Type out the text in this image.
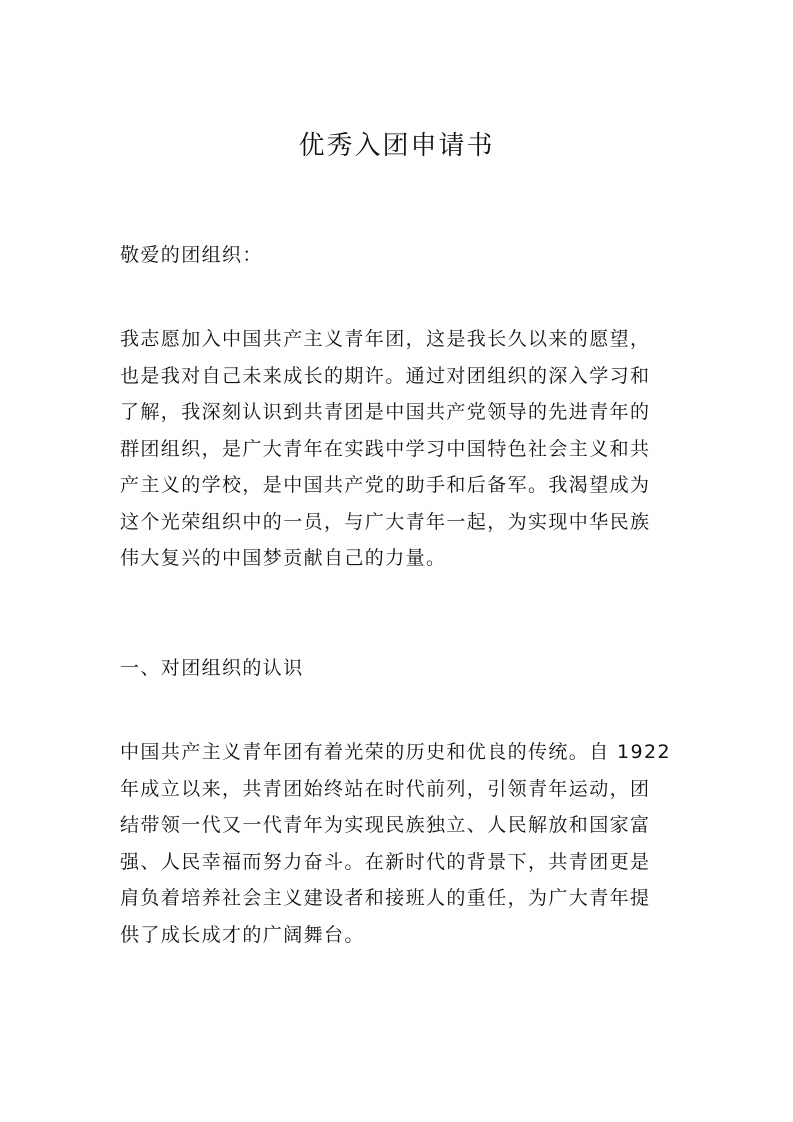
优秀入团申请书

敬爱的团组织：

我志愿加入中国共产主义青年团，这是我长久以来的愿望，
也是我对自己未来成长的期许。通过对团组织的深入学习和
了解，我深刻认识到共青团是中国共产党领导的先进青年的
群团组织，是广大青年在实践中学习中国特色社会主义和共
产主义的学校，是中国共产党的助手和后备军。我渴望成为
这个光荣组织中的一员，与广大青年一起，为实现中华民族
伟大复兴的中国梦贡献自己的力量。

一、对团组织的认识

中国共产主义青年团有着光荣的历史和优良的传统。自 1922
年成立以来，共青团始终站在时代前列，引领青年运动，团
结带领一代又一代青年为实现民族独立、人民解放和国家富
强、人民幸福而努力奋斗。在新时代的背景下，共青团更是
肩负着培养社会主义建设者和接班人的重任，为广大青年提
供了成长成才的广阔舞台。
